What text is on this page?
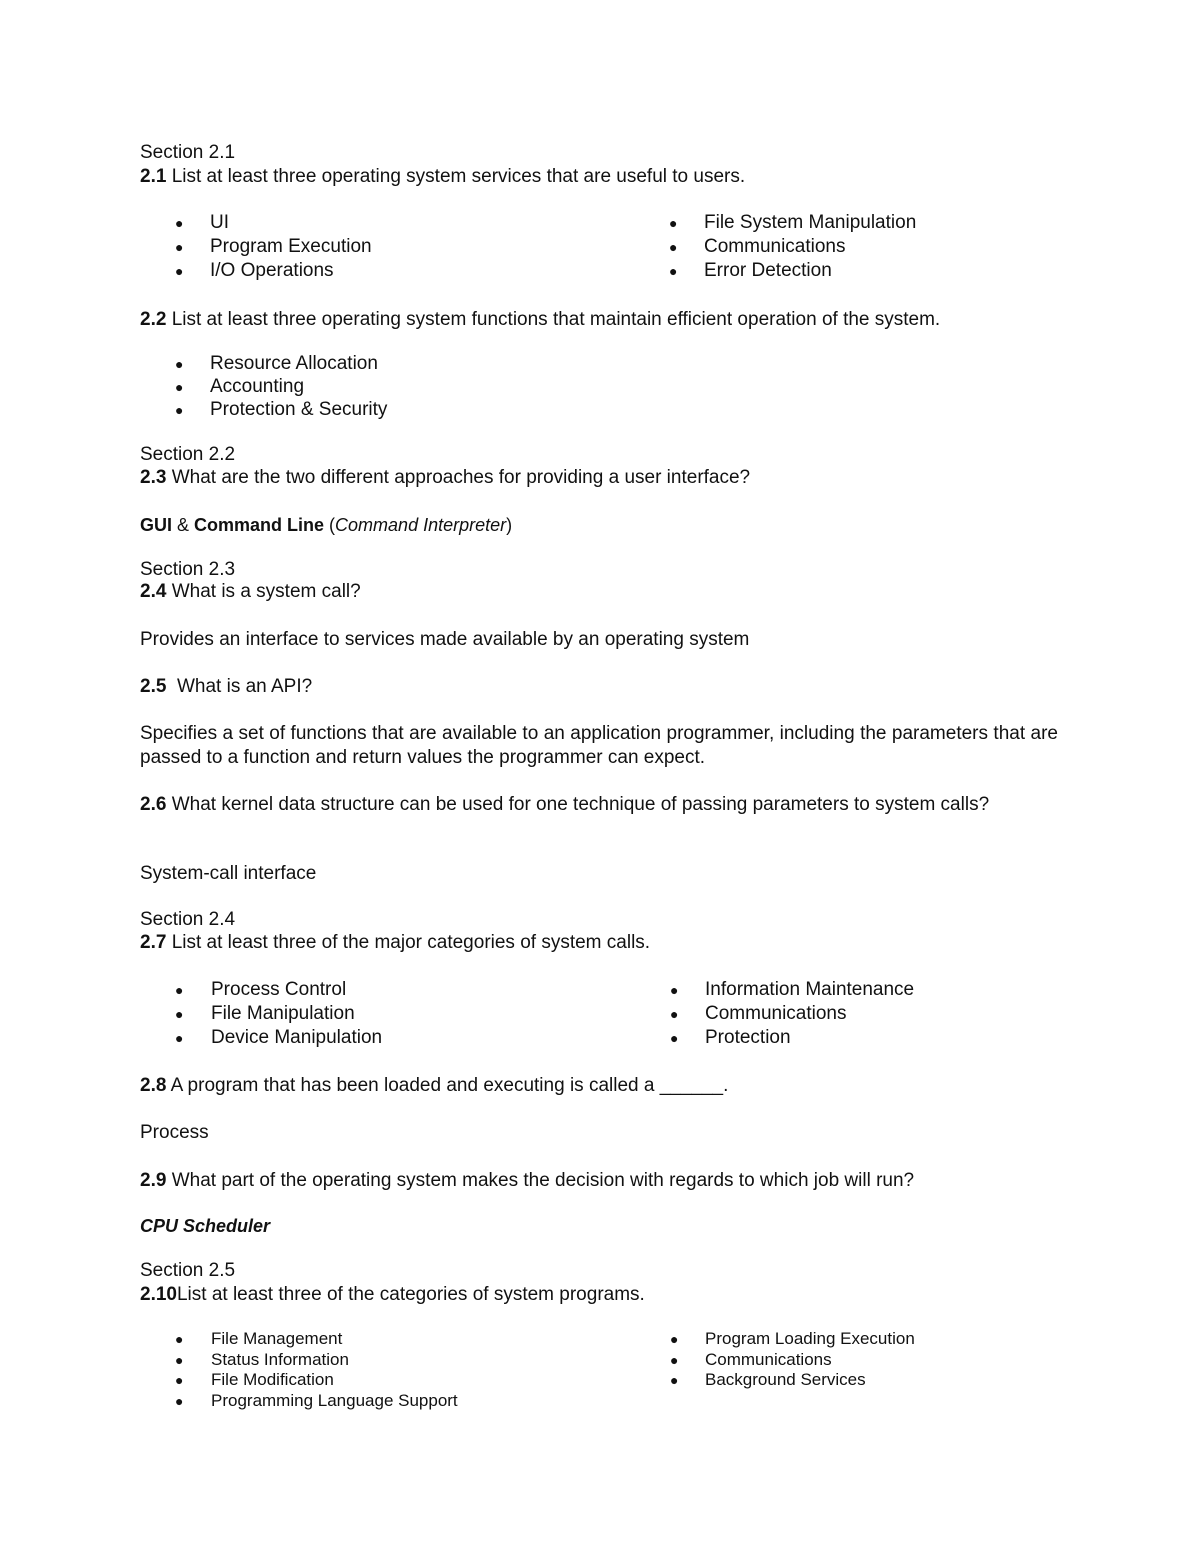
Section 2.1
2.1 List at least three operating system services that are useful to users.
● UI
● Program Execution
● I/O Operations
● File System Manipulation
● Communications
● Error Detection
2.2 List at least three operating system functions that maintain efficient operation of the system.
● Resource Allocation
● Accounting
● Protection & Security
Section 2.2
2.3 What are the two different approaches for providing a user interface?
GUI & Command Line (Command Interpreter)
Section 2.3
2.4 What is a system call?
Provides an interface to services made available by an operating system
2.5  What is an API?
Specifies a set of functions that are available to an application programmer, including the parameters that are passed to a function and return values the programmer can expect.
2.6 What kernel data structure can be used for one technique of passing parameters to system calls?
System-call interface
Section 2.4
2.7 List at least three of the major categories of system calls.
● Process Control
● File Manipulation
● Device Manipulation
● Information Maintenance
● Communications
● Protection
2.8 A program that has been loaded and executing is called a ______.
Process
2.9 What part of the operating system makes the decision with regards to which job will run?
CPU Scheduler
Section 2.5
2.10List at least three of the categories of system programs.
● File Management
● Status Information
● File Modification
● Programming Language Support
● Program Loading Execution
● Communications
● Background Services
